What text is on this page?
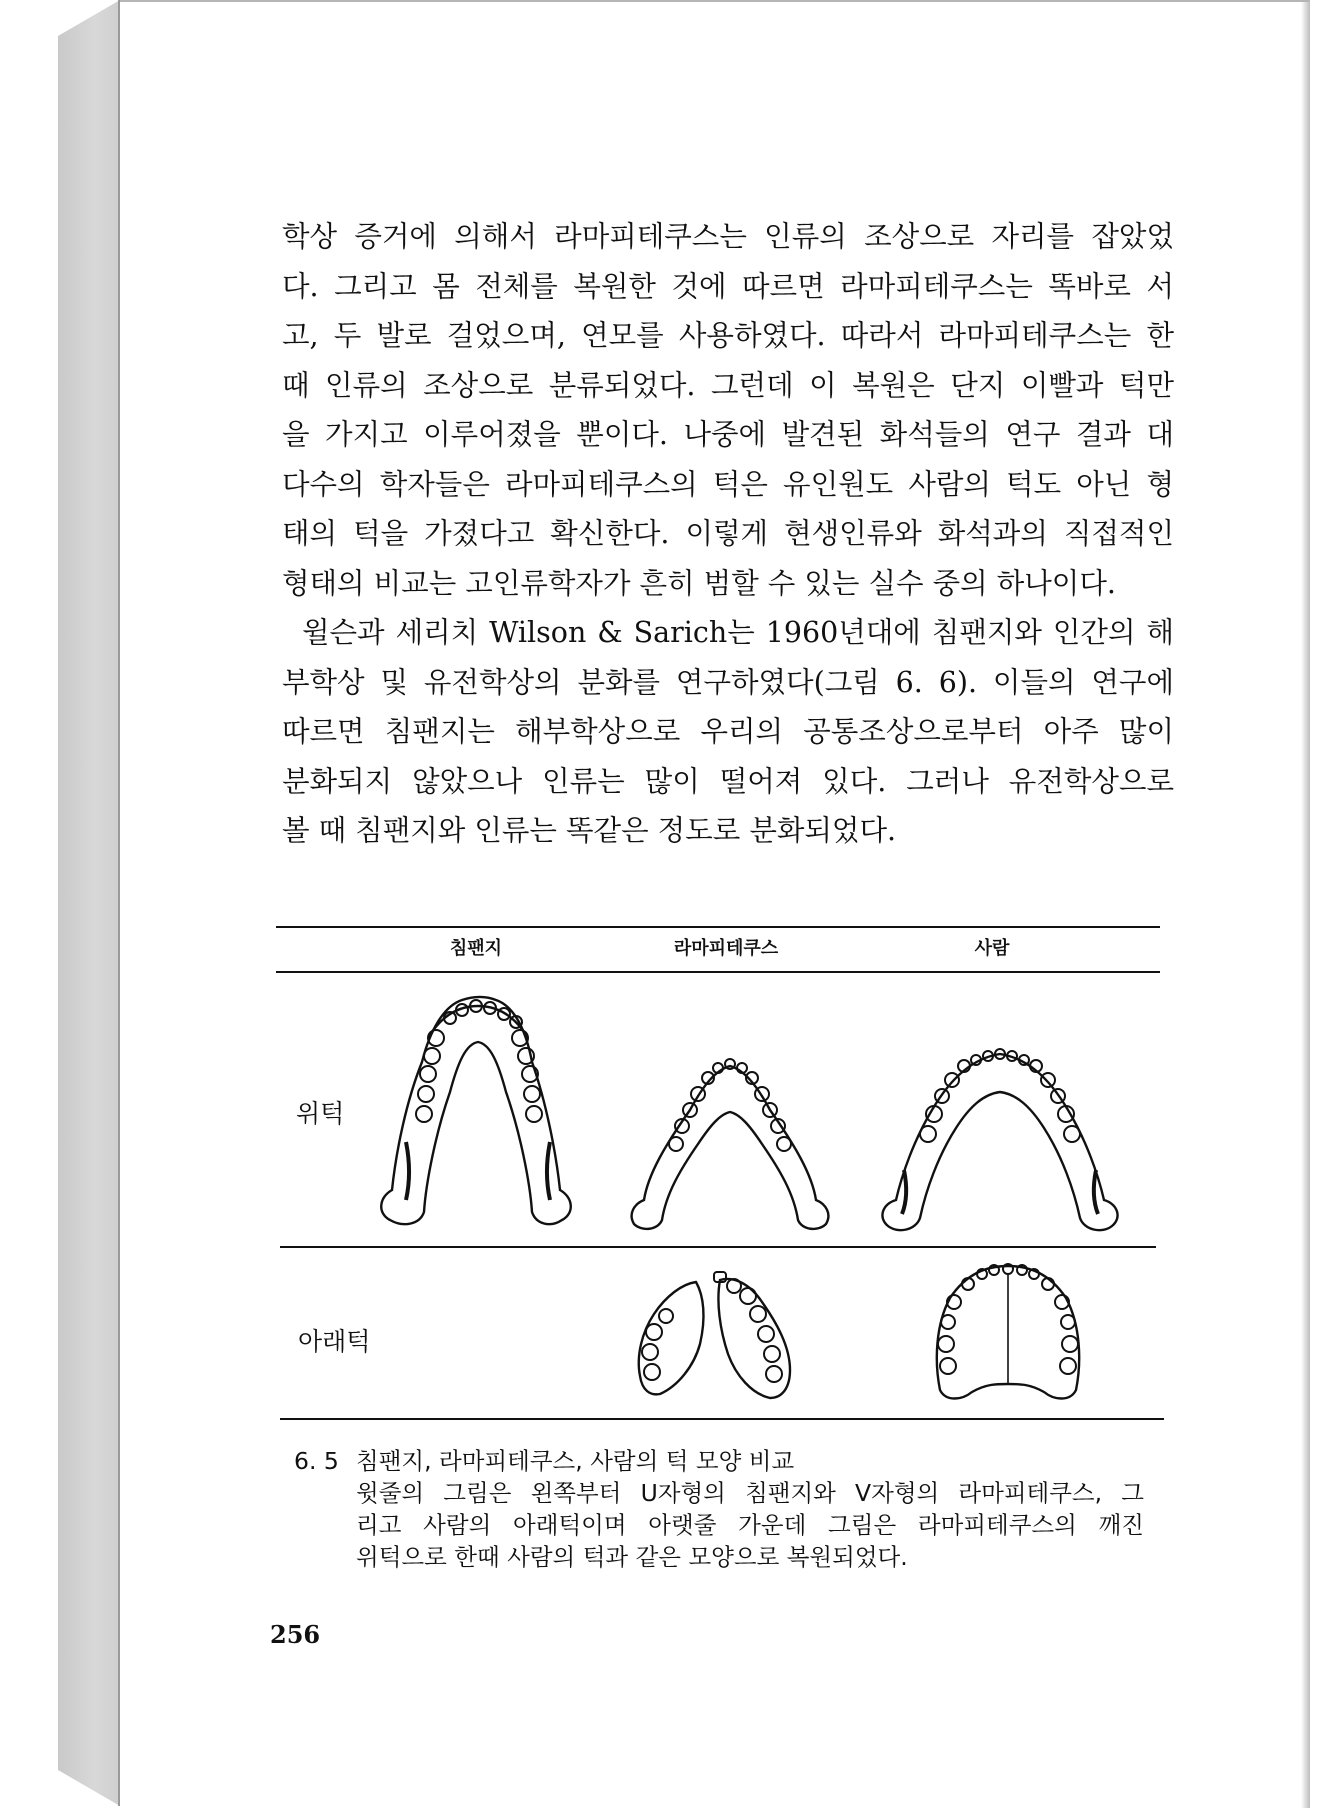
학상 증거에 의해서 라마피테쿠스는 인류의 조상으로 자리를 잡았었
다. 그리고 몸 전체를 복원한 것에 따르면 라마피테쿠스는 똑바로 서
고, 두 발로 걸었으며, 연모를 사용하였다. 따라서 라마피테쿠스는 한
때 인류의 조상으로 분류되었다. 그런데 이 복원은 단지 이빨과 턱만
을 가지고 이루어졌을 뿐이다. 나중에 발견된 화석들의 연구 결과 대
다수의 학자들은 라마피테쿠스의 턱은 유인원도 사람의 턱도 아닌 형
태의 턱을 가졌다고 확신한다. 이렇게 현생인류와 화석과의 직접적인
형태의 비교는 고인류학자가 흔히 범할 수 있는 실수 중의 하나이다.
윌슨과 세리치 Wilson & Sarich는 1960년대에 침팬지와 인간의 해
부학상 및 유전학상의 분화를 연구하였다(그림 6. 6). 이들의 연구에
따르면 침팬지는 해부학상으로 우리의 공통조상으로부터 아주 많이
분화되지 않았으나 인류는 많이 떨어져 있다. 그러나 유전학상으로
볼 때 침팬지와 인류는 똑같은 정도로 분화되었다.
침팬지	라마피테쿠스	사람
위턱
아래턱
6. 5 침팬지, 라마피테쿠스, 사람의 턱 모양 비교
윗줄의 그림은 왼쪽부터 U자형의 침팬지와 V자형의 라마피테쿠스, 그
리고 사람의 아래턱이며 아랫줄 가운데 그림은 라마피테쿠스의 깨진
위턱으로 한때 사람의 턱과 같은 모양으로 복원되었다.
256
